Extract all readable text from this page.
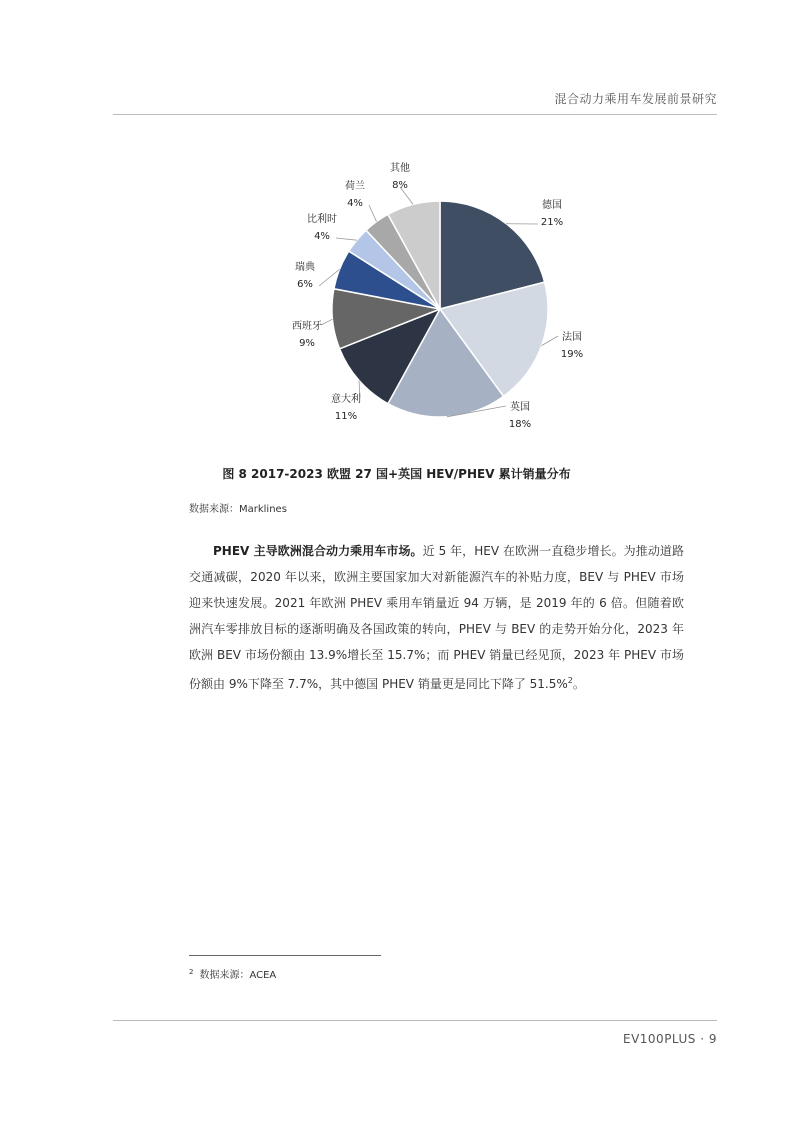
混合动力乘用车发展前景研究
德国
21%
法国
19%
英国
18%
意大利
11%
西班牙
9%
瑞典
6%
比利时
4%
荷兰
4%
其他
8%
图 8 2017-2023 欧盟 27 国+英国 HEV/PHEV 累计销量分布
数据来源：Marklines

PHEV 主导欧洲混合动力乘用车市场。近 5 年，HEV 在欧洲一直稳步增长。为推动道路交通减碳，2020 年以来，欧洲主要国家加大对新能源汽车的补贴力度，BEV 与 PHEV 市场迎来快速发展。2021 年欧洲 PHEV 乘用车销量近 94 万辆，是 2019 年的 6 倍。但随着欧洲汽车零排放目标的逐渐明确及各国政策的转向，PHEV 与 BEV 的走势开始分化，2023 年欧洲 BEV 市场份额由 13.9%增长至 15.7%；而 PHEV 销量已经见顶，2023 年 PHEV 市场份额由 9%下降至 7.7%，其中德国 PHEV 销量更是同比下降了 51.5%$^2$。

$^2$ 数据来源：ACEA
EV100PLUS · 9
